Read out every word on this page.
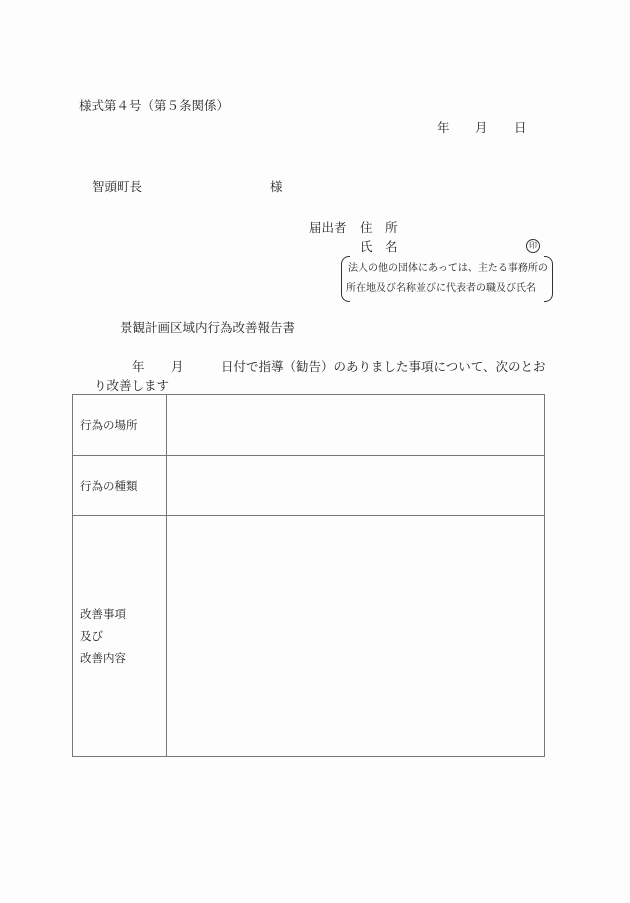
様式第４号（第５条関係）
年 月 日
智頭町長	様
届出者 住　所
氏　名	印
法人の他の団体にあっては、主たる事務所の
所在地及び名称並びに代表者の職及び氏名
景観計画区域内行為改善報告書
年 月	日付で指導（勧告）のありました事項について、次のとお
り改善します
行為の場所	
行為の種類	

改善事項
及び
改善内容	
